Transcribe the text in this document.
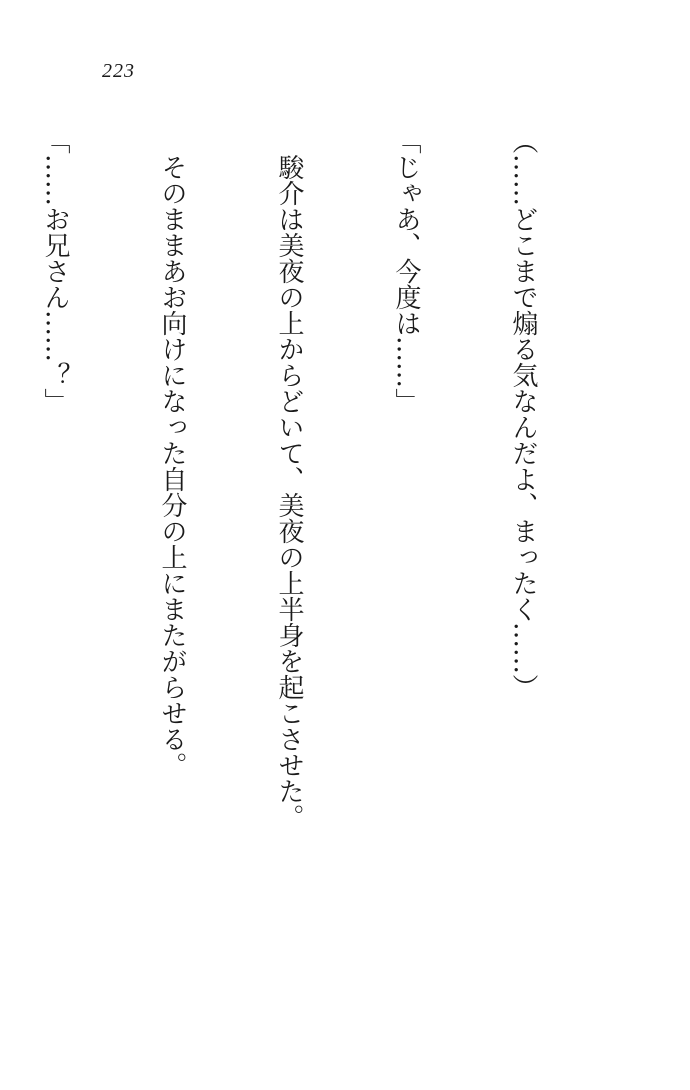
223

（……どこまで煽る気なんだよ、まったく……）

「じゃあ、今度は……」

　駿介は美夜の上からどいて、美夜の上半身を起こさせた。

　そのままあお向けになった自分の上にまたがらせる。

「……お兄さん……？」
